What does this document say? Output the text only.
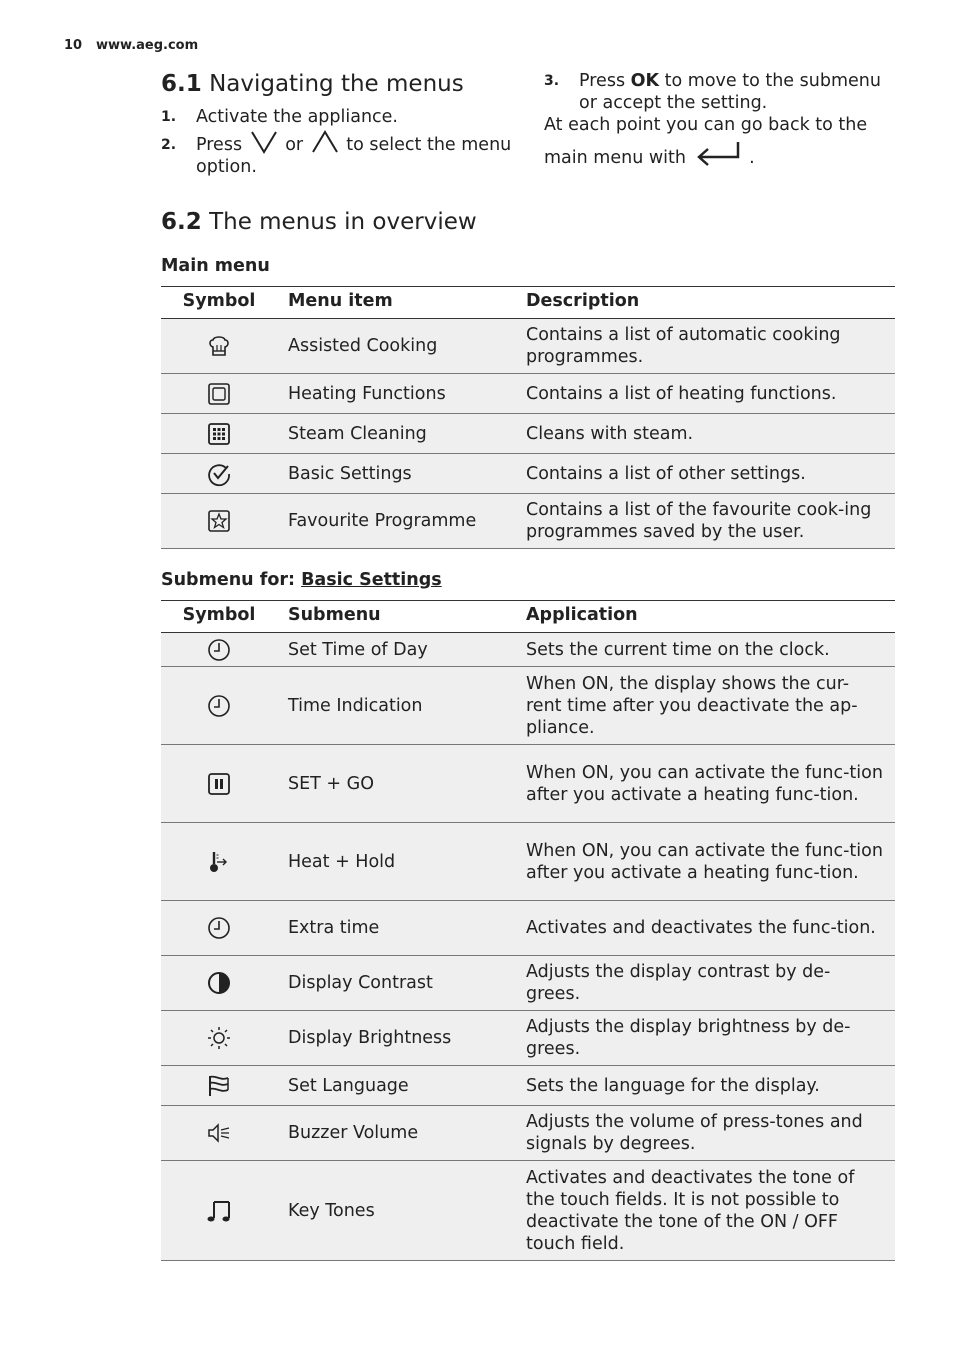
10 www.aeg.com
6.1 Navigating the menus
1.	Activate the appliance.
2.	Press or to select the menu option.
3.	Press OK to move to the submenu or accept the setting.
At each point you can go back to the
main menu with	.
6.2 The menus in overview
Main menu
Symbol	Menu item	Description

	Assisted Cooking	Contains a list of automatic cooking programmes.

	Heating Functions	Contains a list of heating functions.

	Steam Cleaning	Cleans with steam.

	Basic Settings	Contains a list of other settings.

	Favourite Programme	Contains a list of the favourite cook-ing programmes saved by the user.
Submenu for: Basic Settings
Symbol	Submenu	Application

	Set Time of Day	Sets the current time on the clock.

	Time Indication	When ON, the display shows the cur-rent time after you deactivate the ap-pliance.

	SET + GO	When ON, you can activate the func-tion after you activate a heating func-tion.

	Heat + Hold	When ON, you can activate the func-tion after you activate a heating func-tion.

	Extra time	Activates and deactivates the func-tion.

	Display Contrast	Adjusts the display contrast by de-grees.

	Display Brightness	Adjusts the display brightness by de-grees.

	Set Language	Sets the language for the display.

	Buzzer Volume	Adjusts the volume of press-tones and signals by degrees.

	Key Tones	Activates and deactivates the tone of the touch fields. It is not possible to deactivate the tone of the ON / OFF touch field.
